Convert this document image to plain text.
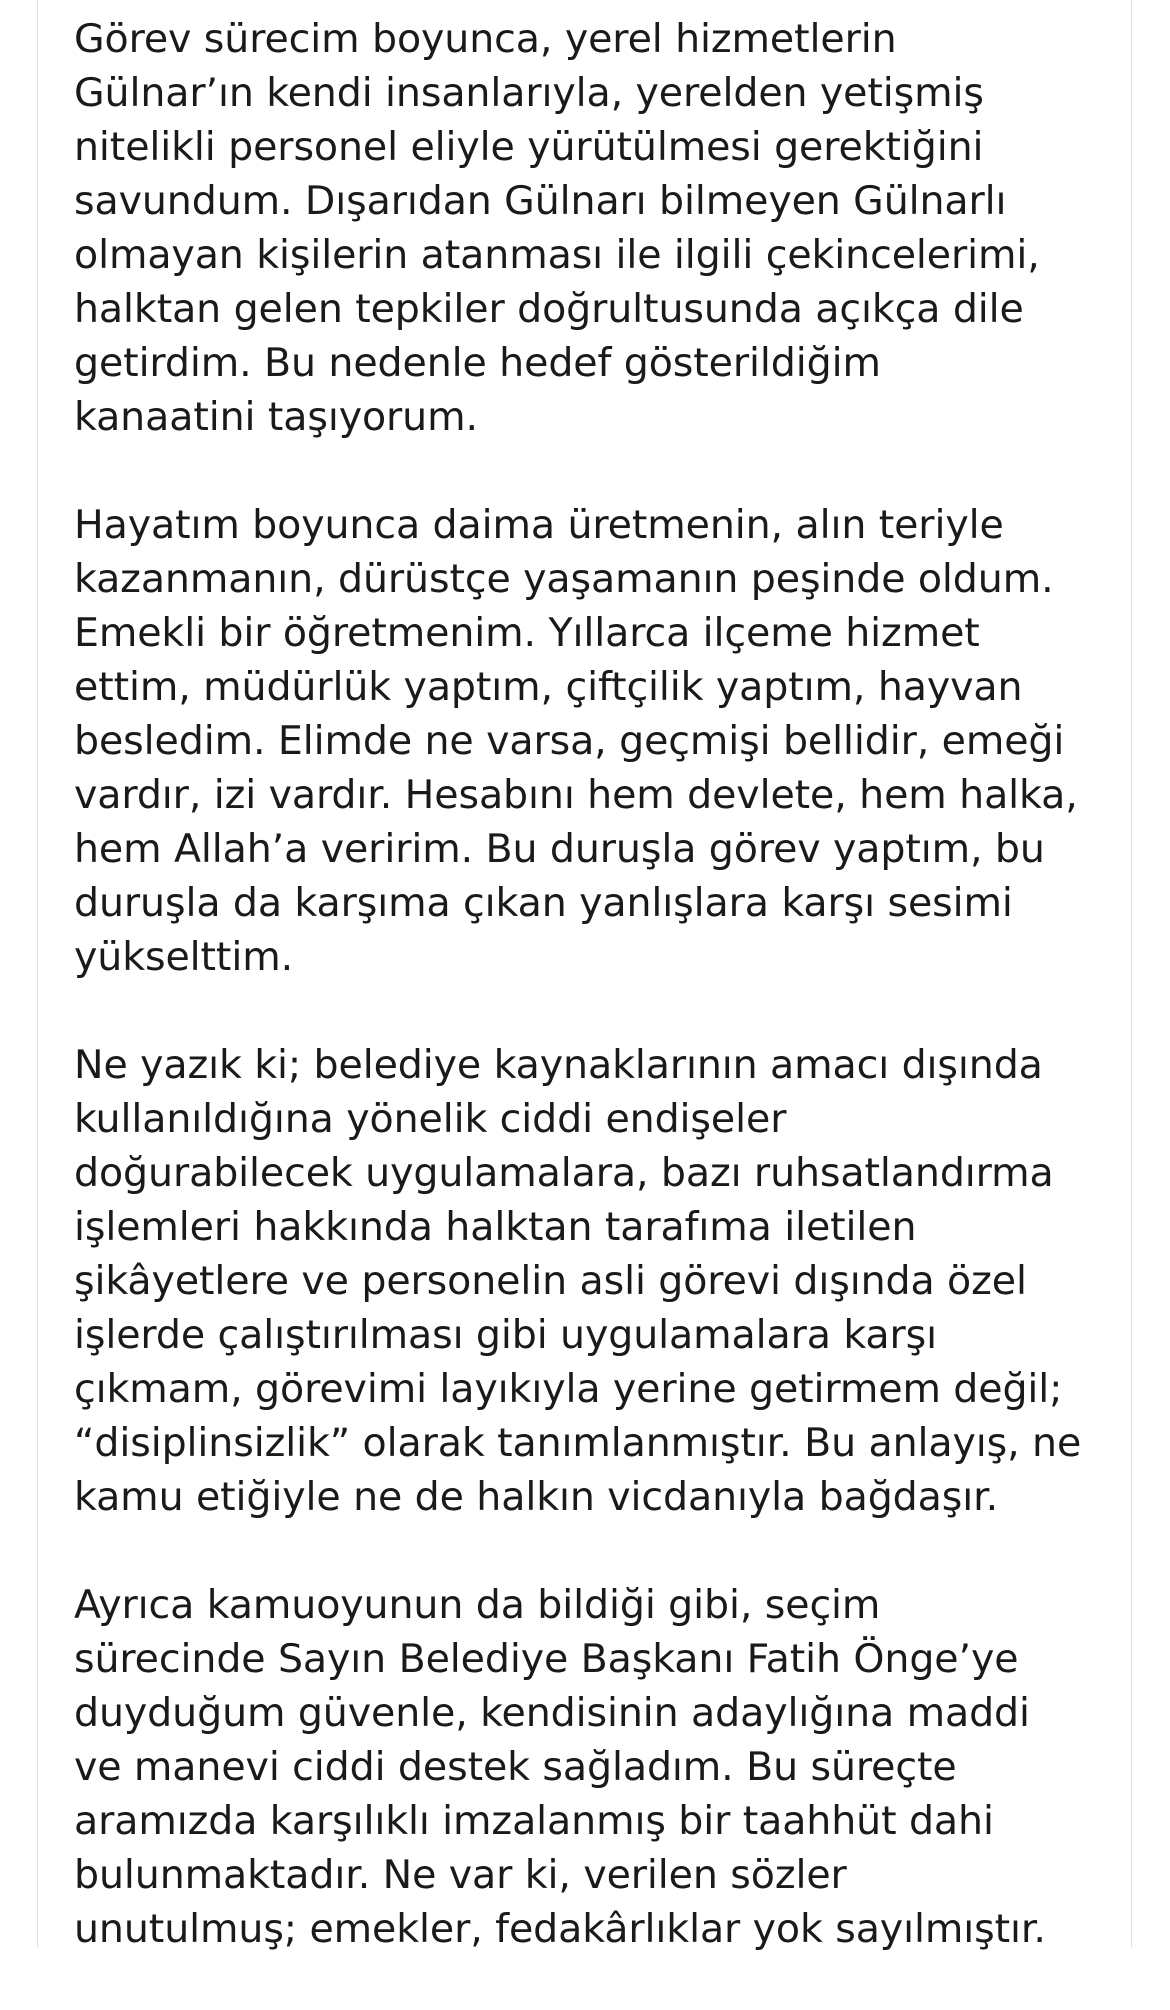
Görev sürecim boyunca, yerel hizmetlerin
Gülnar’ın kendi insanlarıyla, yerelden yetişmiş
nitelikli personel eliyle yürütülmesi gerektiğini
savundum. Dışarıdan Gülnarı bilmeyen Gülnarlı
olmayan kişilerin atanması ile ilgili çekincelerimi,
halktan gelen tepkiler doğrultusunda açıkça dile
getirdim. Bu nedenle hedef gösterildiğim
kanaatini taşıyorum.

Hayatım boyunca daima üretmenin, alın teriyle
kazanmanın, dürüstçe yaşamanın peşinde oldum.
Emekli bir öğretmenim. Yıllarca ilçeme hizmet
ettim, müdürlük yaptım, çiftçilik yaptım, hayvan
besledim. Elimde ne varsa, geçmişi bellidir, emeği
vardır, izi vardır. Hesabını hem devlete, hem halka,
hem Allah’a veririm. Bu duruşla görev yaptım, bu
duruşla da karşıma çıkan yanlışlara karşı sesimi
yükselttim.

Ne yazık ki; belediye kaynaklarının amacı dışında
kullanıldığına yönelik ciddi endişeler
doğurabilecek uygulamalara, bazı ruhsatlandırma
işlemleri hakkında halktan tarafıma iletilen
şikâyetlere ve personelin asli görevi dışında özel
işlerde çalıştırılması gibi uygulamalara karşı
çıkmam, görevimi layıkıyla yerine getirmem değil;
“disiplinsizlik” olarak tanımlanmıştır. Bu anlayış, ne
kamu etiğiyle ne de halkın vicdanıyla bağdaşır.

Ayrıca kamuoyunun da bildiği gibi, seçim
sürecinde Sayın Belediye Başkanı Fatih Önge’ye
duyduğum güvenle, kendisinin adaylığına maddi
ve manevi ciddi destek sağladım. Bu süreçte
aramızda karşılıklı imzalanmış bir taahhüt dahi
bulunmaktadır. Ne var ki, verilen sözler
unutulmuş; emekler, fedakârlıklar yok sayılmıştır.
